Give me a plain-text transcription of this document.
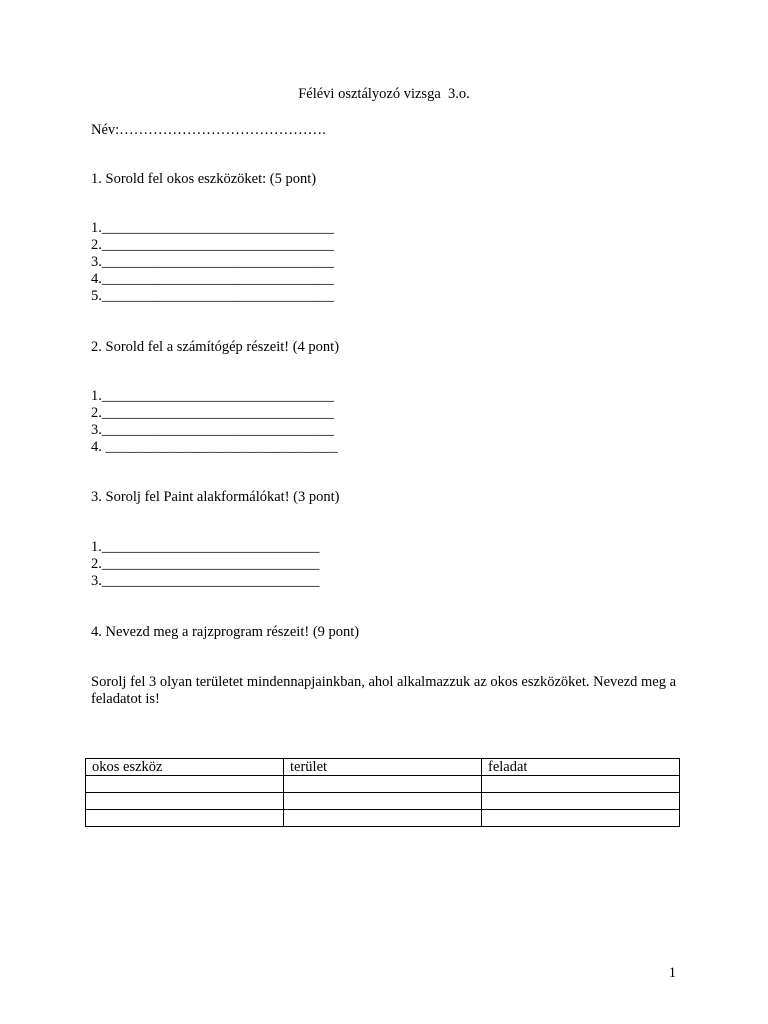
Félévi osztályozó vizsga  3.o.
Név:…………………………………….
1. Sorold fel okos eszközöket: (5 pont)
1.________________________________
2.________________________________
3.________________________________
4.________________________________
5.________________________________
2. Sorold fel a számítógép részeit! (4 pont)
1.________________________________
2.________________________________
3.________________________________
4. ________________________________
3. Sorolj fel Paint alakformálókat! (3 pont)
1.______________________________
2.______________________________
3.______________________________
4. Nevezd meg a rajzprogram részeit! (9 pont)
Sorolj fel 3 olyan területet mindennapjainkban, ahol alkalmazzuk az okos eszközöket. Nevezd meg a feladatot is!
okos eszköz	terület	feladat

1
